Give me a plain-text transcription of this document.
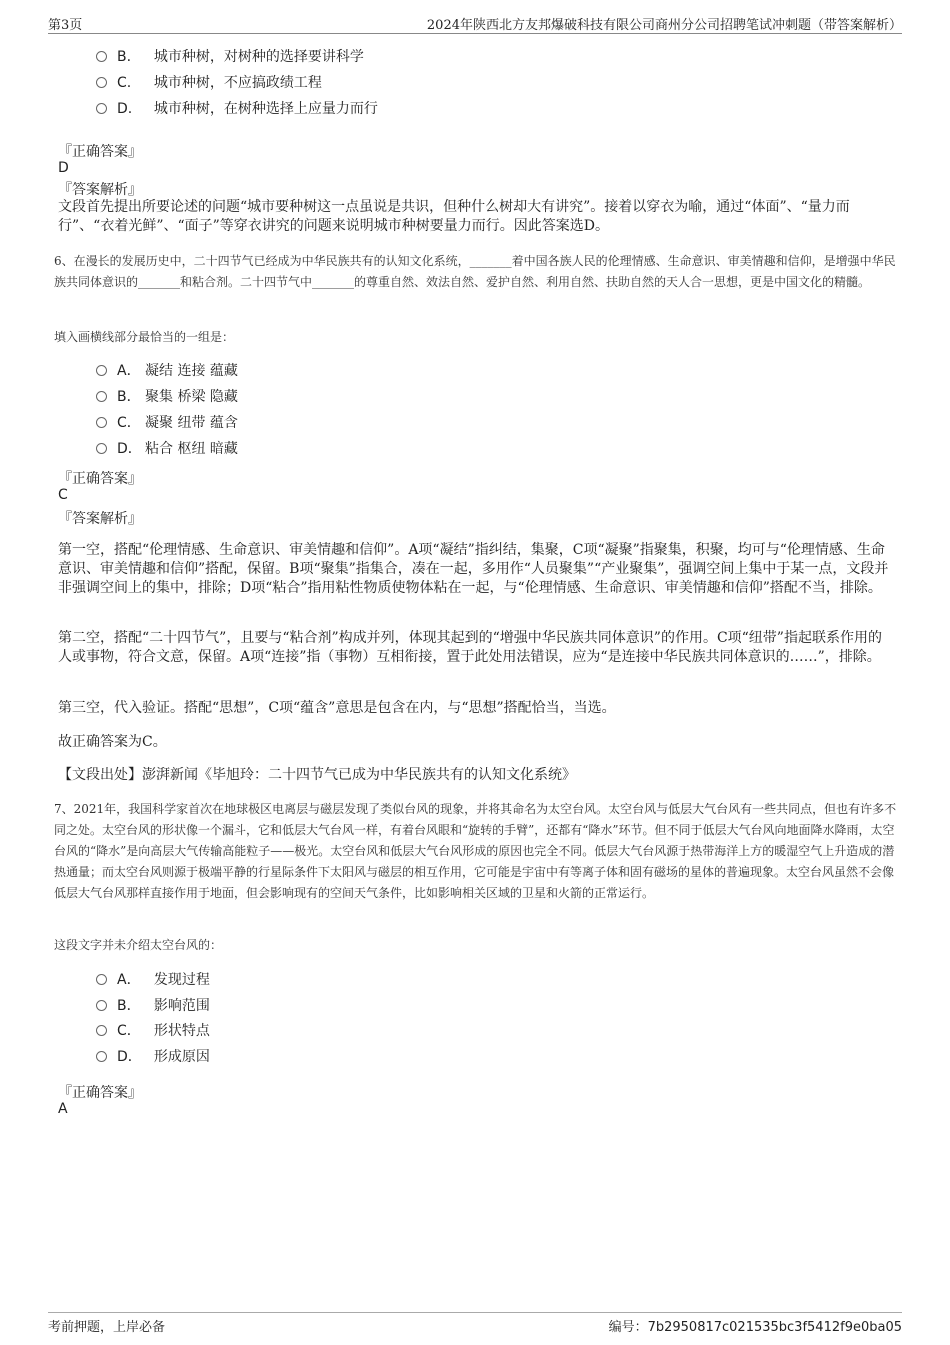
第3页	2024年陕西北方友邦爆破科技有限公司商州分公司招聘笔试冲刺题（带答案解析）
B. 城市种树，对树种的选择要讲科学
C. 城市种树，不应搞政绩工程
D. 城市种树，在树种选择上应量力而行
『正确答案』
D
『答案解析』
文段首先提出所要论述的问题“城市要种树这一点虽说是共识，但种什么树却大有讲究”。接着以穿衣为喻，通过“体面”、“量力而行”、“衣着光鲜”、“面子”等穿衣讲究的问题来说明城市种树要量力而行。因此答案选D。
6、在漫长的发展历史中，二十四节气已经成为中华民族共有的认知文化系统，_______着中国各族人民的伦理情感、生命意识、审美情趣和信仰，是增强中华民族共同体意识的_______和粘合剂。二十四节气中_______的尊重自然、效法自然、爱护自然、利用自然、扶助自然的天人合一思想，更是中国文化的精髓。
填入画横线部分最恰当的一组是：
A． 凝结 连接 蕴藏
B． 聚集 桥梁 隐藏
C． 凝聚 纽带 蕴含
D． 粘合 枢纽 暗藏
『正确答案』
C
『答案解析』
第一空，搭配“伦理情感、生命意识、审美情趣和信仰”。A项“凝结”指纠结，集聚，C项“凝聚”指聚集，积聚，均可与“伦理情感、生命意识、审美情趣和信仰”搭配，保留。B项“聚集”指集合，凑在一起，多用作“人员聚集”“产业聚集”，强调空间上集中于某一点，文段并非强调空间上的集中，排除；D项“粘合”指用粘性物质使物体粘在一起，与“伦理情感、生命意识、审美情趣和信仰”搭配不当，排除。
第二空，搭配“二十四节气”，且要与“粘合剂”构成并列，体现其起到的“增强中华民族共同体意识”的作用。C项“纽带”指起联系作用的人或事物，符合文意，保留。A项“连接”指（事物）互相衔接，置于此处用法错误，应为“是连接中华民族共同体意识的……”，排除。
第三空，代入验证。搭配“思想”，C项“蕴含”意思是包含在内，与“思想”搭配恰当，当选。
故正确答案为C。
【文段出处】澎湃新闻《毕旭玲：二十四节气已成为中华民族共有的认知文化系统》
7、2021年，我国科学家首次在地球极区电离层与磁层发现了类似台风的现象，并将其命名为太空台风。太空台风与低层大气台风有一些共同点，但也有许多不同之处。太空台风的形状像一个漏斗，它和低层大气台风一样，有着台风眼和“旋转的手臂”，还都有“降水”环节。但不同于低层大气台风向地面降水降雨，太空台风的“降水”是向高层大气传输高能粒子——极光。太空台风和低层大气台风形成的原因也完全不同。低层大气台风源于热带海洋上方的暖湿空气上升造成的潜热通量；而太空台风则源于极端平静的行星际条件下太阳风与磁层的相互作用，它可能是宇宙中有等离子体和固有磁场的星体的普遍现象。太空台风虽然不会像低层大气台风那样直接作用于地面，但会影响现有的空间天气条件，比如影响相关区域的卫星和火箭的正常运行。
这段文字并未介绍太空台风的：
A． 发现过程
B． 影响范围
C． 形状特点
D． 形成原因
『正确答案』
A
考前押题，上岸必备	编号：7b2950817c021535bc3f5412f9e0ba05
